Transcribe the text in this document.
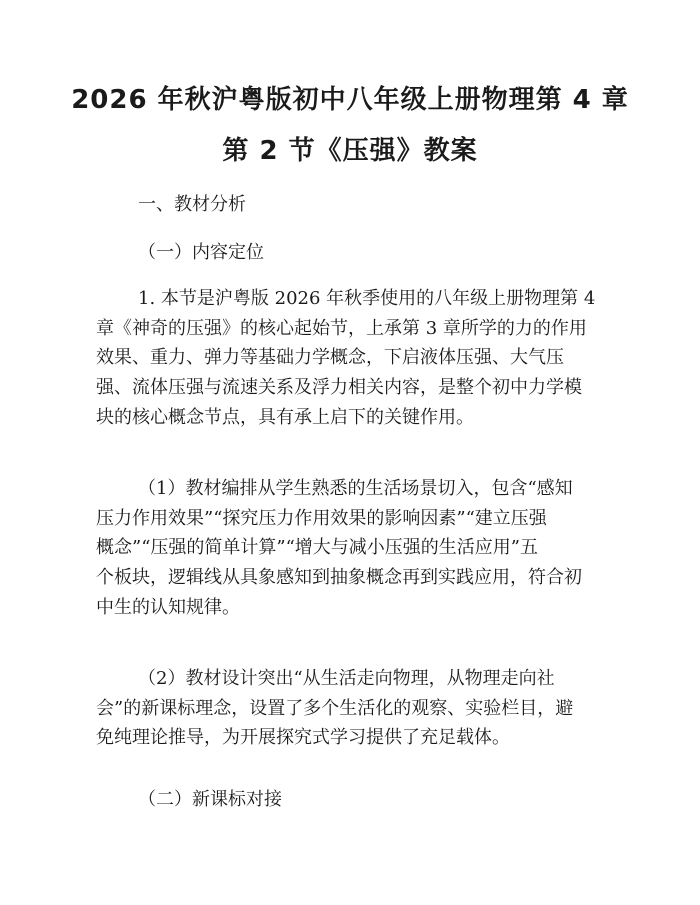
2026 年秋沪粤版初中八年级上册物理第 4 章
第 2 节《压强》教案

一、教材分析

（一）内容定位

1. 本节是沪粤版 2026 年秋季使用的八年级上册物理第 4
章《神奇的压强》的核心起始节，上承第 3 章所学的力的作用
效果、重力、弹力等基础力学概念，下启液体压强、大气压
强、流体压强与流速关系及浮力相关内容，是整个初中力学模
块的核心概念节点，具有承上启下的关键作用。
（1）教材编排从学生熟悉的生活场景切入，包含“感知
压力作用效果”“探究压力作用效果的影响因素”“建立压强
概念”“压强的简单计算”“增大与减小压强的生活应用”五
个板块，逻辑线从具象感知到抽象概念再到实践应用，符合初
中生的认知规律。
（2）教材设计突出“从生活走向物理，从物理走向社
会”的新课标理念，设置了多个生活化的观察、实验栏目，避
免纯理论推导，为开展探究式学习提供了充足载体。

（二）新课标对接
